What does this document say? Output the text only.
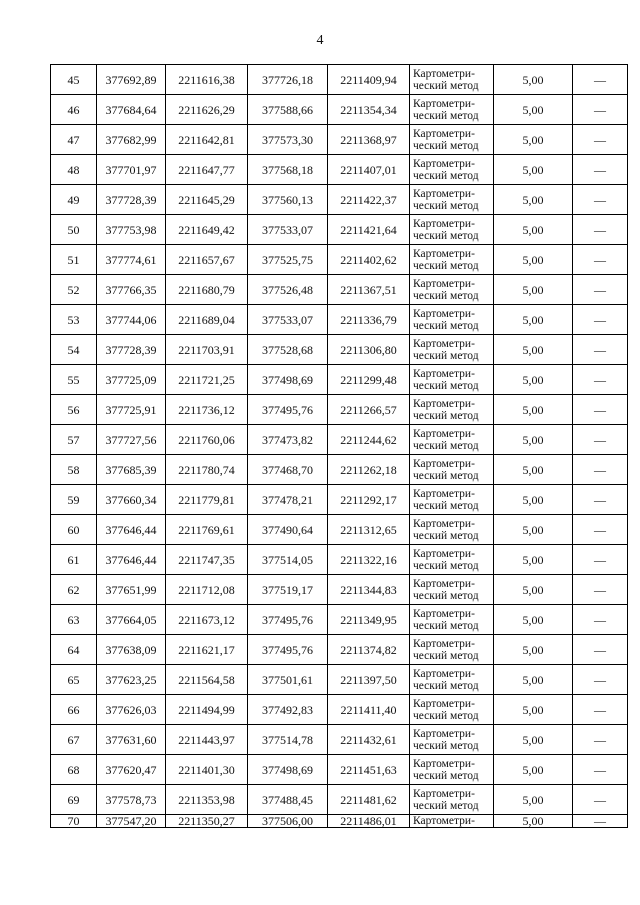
4
45	377692,89	2211616,38	377726,18	2211409,94	Картометри-
ческий метод	5,00	—
46	377684,64	2211626,29	377588,66	2211354,34	Картометри-
ческий метод	5,00	—
47	377682,99	2211642,81	377573,30	2211368,97	Картометри-
ческий метод	5,00	—
48	377701,97	2211647,77	377568,18	2211407,01	Картометри-
ческий метод	5,00	—
49	377728,39	2211645,29	377560,13	2211422,37	Картометри-
ческий метод	5,00	—
50	377753,98	2211649,42	377533,07	2211421,64	Картометри-
ческий метод	5,00	—
51	377774,61	2211657,67	377525,75	2211402,62	Картометри-
ческий метод	5,00	—
52	377766,35	2211680,79	377526,48	2211367,51	Картометри-
ческий метод	5,00	—
53	377744,06	2211689,04	377533,07	2211336,79	Картометри-
ческий метод	5,00	—
54	377728,39	2211703,91	377528,68	2211306,80	Картометри-
ческий метод	5,00	—
55	377725,09	2211721,25	377498,69	2211299,48	Картометри-
ческий метод	5,00	—
56	377725,91	2211736,12	377495,76	2211266,57	Картометри-
ческий метод	5,00	—
57	377727,56	2211760,06	377473,82	2211244,62	Картометри-
ческий метод	5,00	—
58	377685,39	2211780,74	377468,70	2211262,18	Картометри-
ческий метод	5,00	—
59	377660,34	2211779,81	377478,21	2211292,17	Картометри-
ческий метод	5,00	—
60	377646,44	2211769,61	377490,64	2211312,65	Картометри-
ческий метод	5,00	—
61	377646,44	2211747,35	377514,05	2211322,16	Картометри-
ческий метод	5,00	—
62	377651,99	2211712,08	377519,17	2211344,83	Картометри-
ческий метод	5,00	—
63	377664,05	2211673,12	377495,76	2211349,95	Картометри-
ческий метод	5,00	—
64	377638,09	2211621,17	377495,76	2211374,82	Картометри-
ческий метод	5,00	—
65	377623,25	2211564,58	377501,61	2211397,50	Картометри-
ческий метод	5,00	—
66	377626,03	2211494,99	377492,83	2211411,40	Картометри-
ческий метод	5,00	—
67	377631,60	2211443,97	377514,78	2211432,61	Картометри-
ческий метод	5,00	—
68	377620,47	2211401,30	377498,69	2211451,63	Картометри-
ческий метод	5,00	—
69	377578,73	2211353,98	377488,45	2211481,62	Картометри-
ческий метод	5,00	—
70	377547,20	2211350,27	377506,00	2211486,01	Картометри-	5,00	—
